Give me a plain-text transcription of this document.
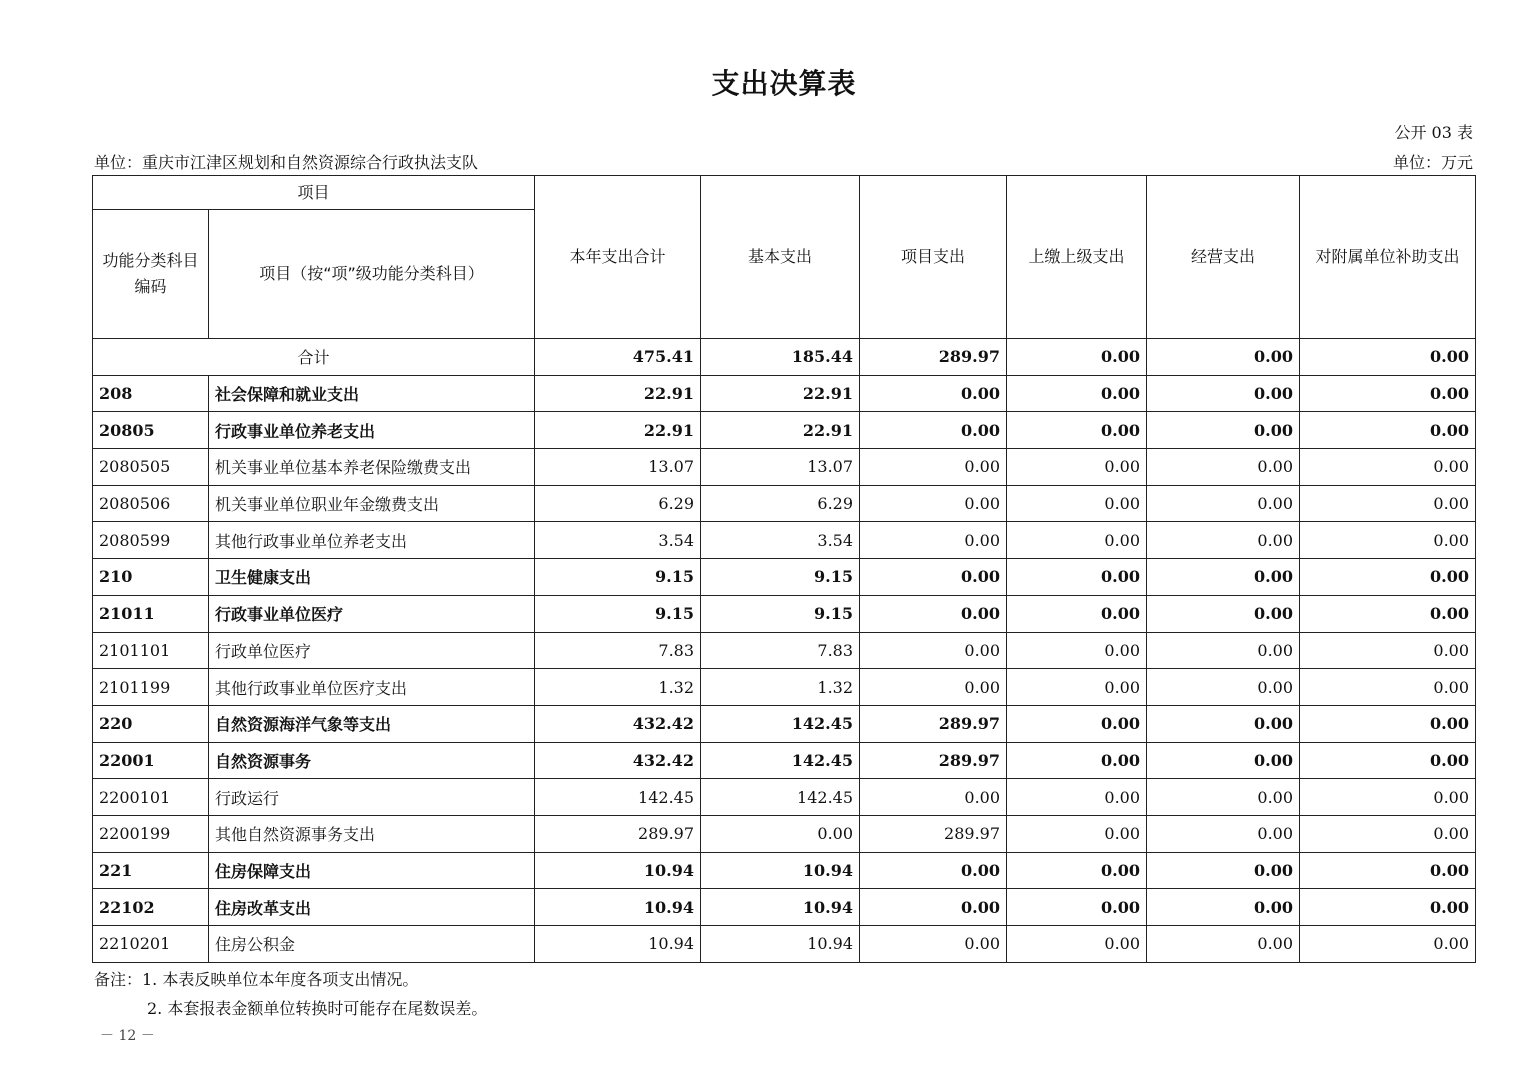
支出决算表
公开 03 表
单位：重庆市江津区规划和自然资源综合行政执法支队	单位：万元
项目		本年支出合计	基本支出	项目支出	上缴上级支出	经营支出	对附属单位补助支出
功能分类科目编码	项目（按“项”级功能分类科目）						
合计		475.41	185.44	289.97	0.00	0.00	0.00
208	社会保障和就业支出	22.91	22.91	0.00	0.00	0.00	0.00
20805	行政事业单位养老支出	22.91	22.91	0.00	0.00	0.00	0.00
2080505	机关事业单位基本养老保险缴费支出	13.07	13.07	0.00	0.00	0.00	0.00
2080506	机关事业单位职业年金缴费支出	6.29	6.29	0.00	0.00	0.00	0.00
2080599	其他行政事业单位养老支出	3.54	3.54	0.00	0.00	0.00	0.00
210	卫生健康支出	9.15	9.15	0.00	0.00	0.00	0.00
21011	行政事业单位医疗	9.15	9.15	0.00	0.00	0.00	0.00
2101101	行政单位医疗	7.83	7.83	0.00	0.00	0.00	0.00
2101199	其他行政事业单位医疗支出	1.32	1.32	0.00	0.00	0.00	0.00
220	自然资源海洋气象等支出	432.42	142.45	289.97	0.00	0.00	0.00
22001	自然资源事务	432.42	142.45	289.97	0.00	0.00	0.00
2200101	行政运行	142.45	142.45	0.00	0.00	0.00	0.00
2200199	其他自然资源事务支出	289.97	0.00	289.97	0.00	0.00	0.00
221	住房保障支出	10.94	10.94	0.00	0.00	0.00	0.00
22102	住房改革支出	10.94	10.94	0.00	0.00	0.00	0.00
2210201	住房公积金	10.94	10.94	0.00	0.00	0.00	0.00
备注：1. 本表反映单位本年度各项支出情况。
2. 本套报表金额单位转换时可能存在尾数误差。
－ 12 －
